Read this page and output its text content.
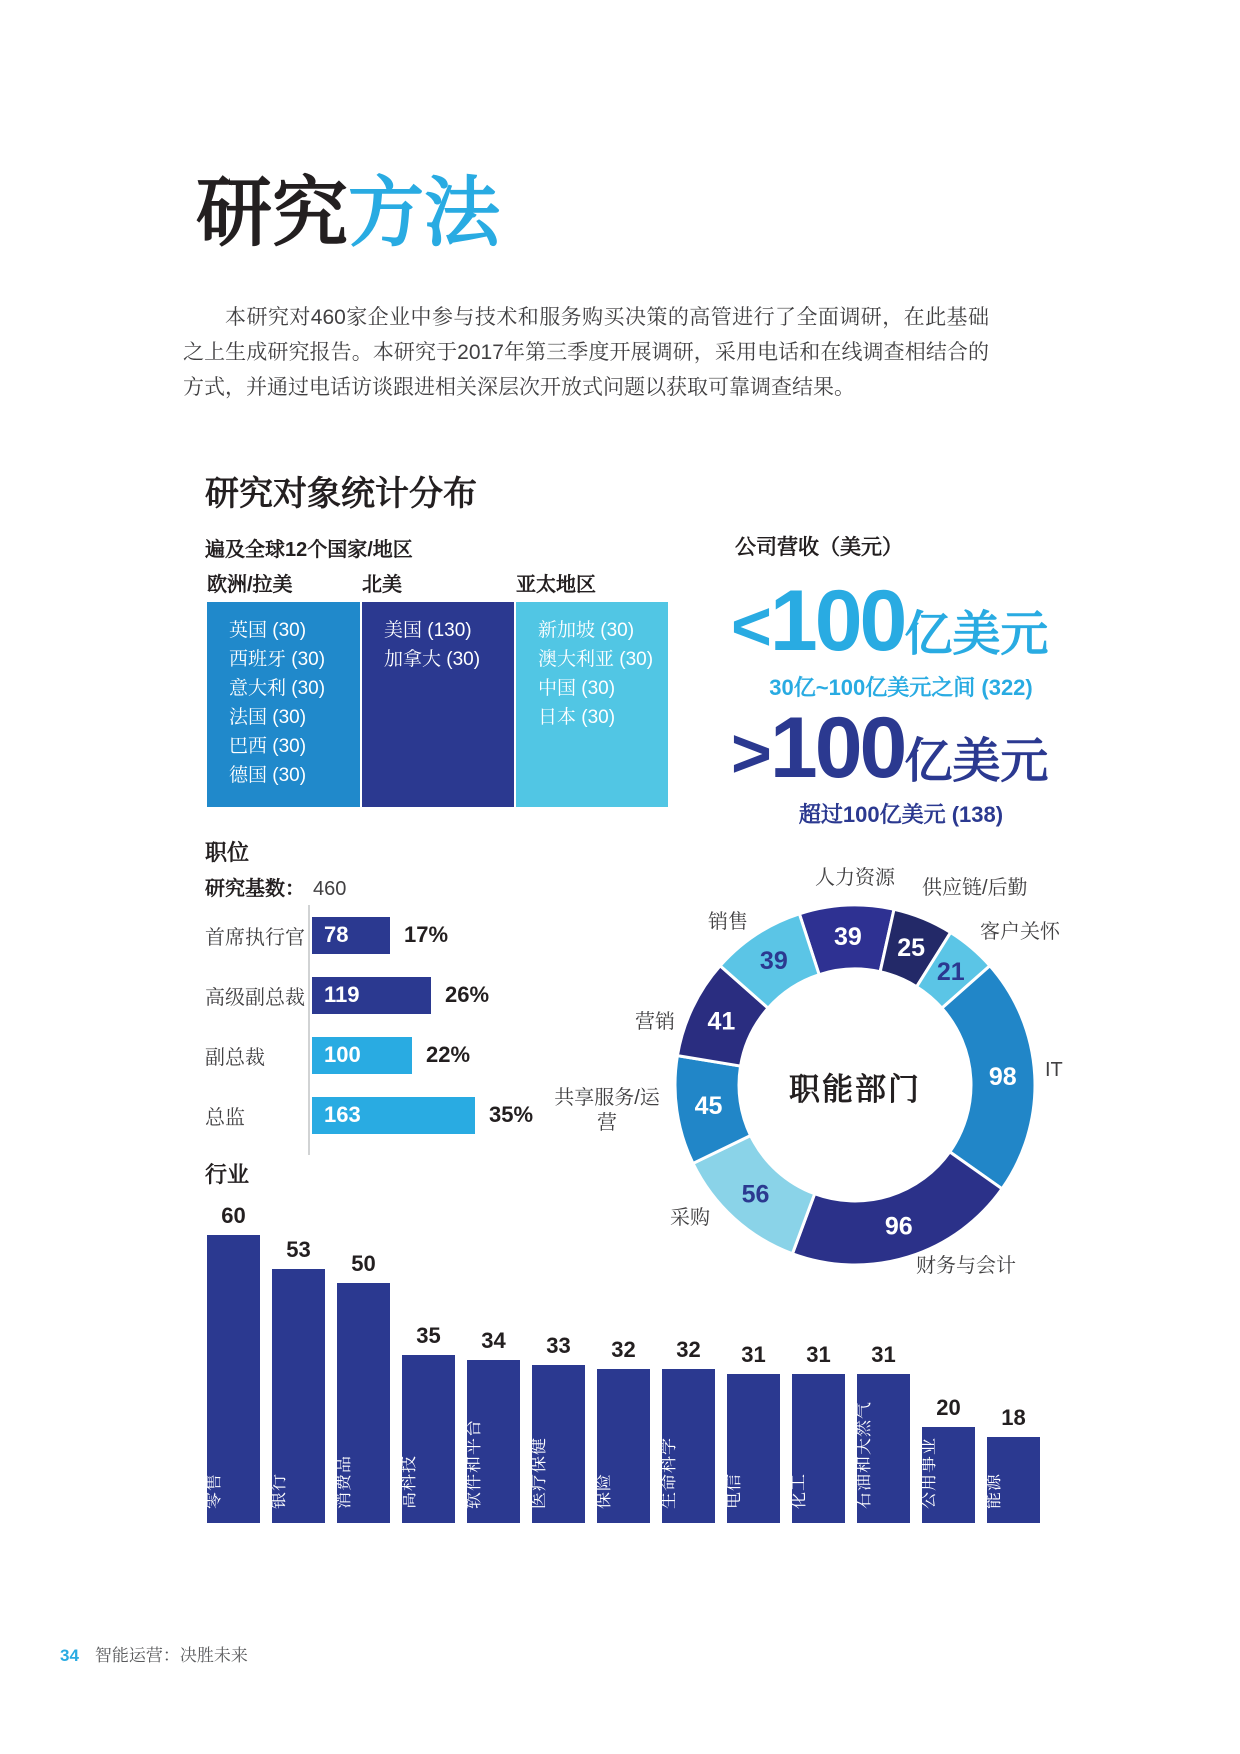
研究方法

本研究对460家企业中参与技术和服务购买决策的高管进行了全面调研，在此基础之上生成研究报告。本研究于2017年第三季度开展调研，采用电话和在线调查相结合的方式，并通过电话访谈跟进相关深层次开放式问题以获取可靠调查结果。

研究对象统计分布
遍及全球12个国家/地区
欧洲/拉美
英国 (30)
西班牙 (30)
意大利 (30)
法国 (30)
巴西 (30)
德国 (30)
北美
美国 (130)
加拿大 (30)
亚太地区
新加坡 (30)
澳大利亚 (30)
中国 (30)
日本 (30)
公司营收（美元）
<100亿美元
30亿~100亿美元之间 (322)
>100亿美元
超过100亿美元 (138)
职位
研究基数： 460
首席执行官 78	17%
高级副总裁 119	26%
副总裁	100	22%
总监	163	35%
39 25
21
98
96
56
45
41
39
职能部门
人力资源	供应链/后勤
客户关怀
IT
财务与会计
采购
共享服务/运营
营销
销售
行业
60
零售
53
银行
50
消费品
35
高科技
34
软件和平台
33
医疗保健
32
保险
32
生命科学
31
电信
31
化工
31
石油和天然气	20
公用事业
18
能源
34 智能运营：决胜未来
